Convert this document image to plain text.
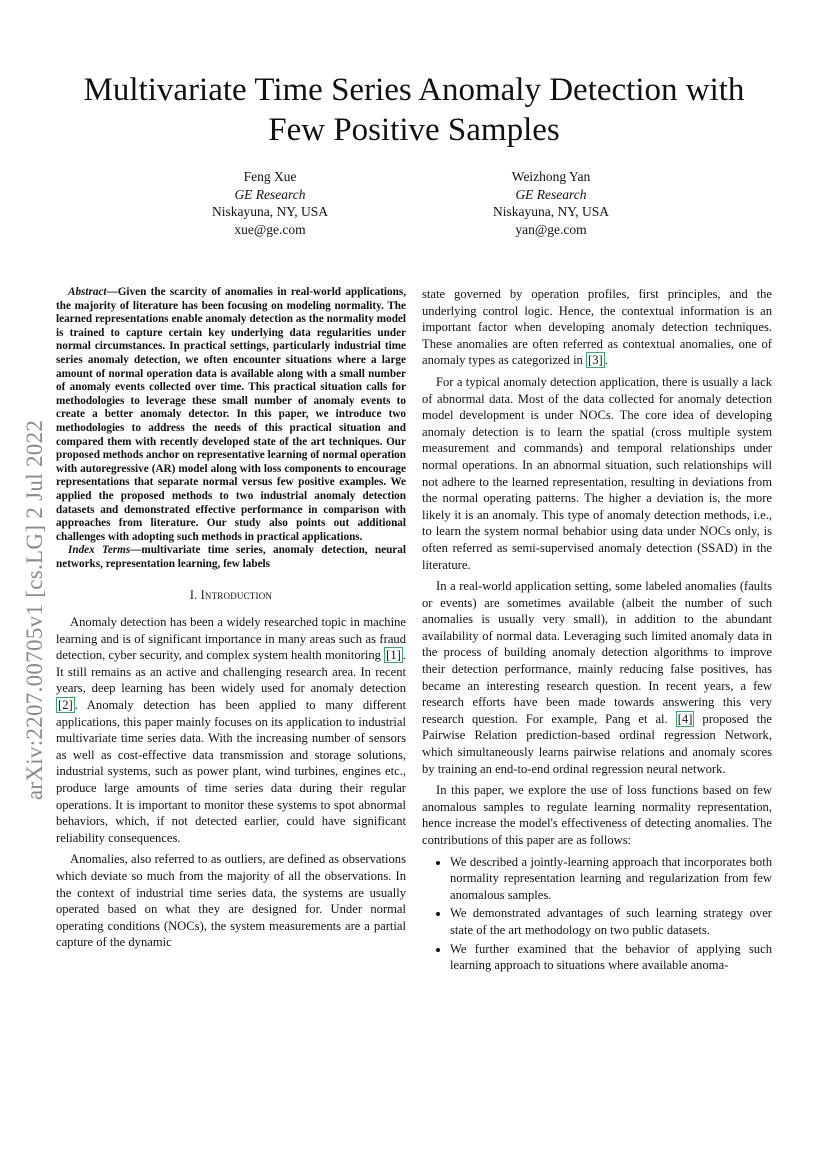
arXiv:2207.00705v1 [cs.LG] 2 Jul 2022
Multivariate Time Series Anomaly Detection with Few Positive Samples
Feng Xue
GE Research
Niskayuna, NY, USA
xue@ge.com
Weizhong Yan
GE Research
Niskayuna, NY, USA
yan@ge.com

Abstract—Given the scarcity of anomalies in real-world applications, the majority of literature has been focusing on modeling normality. The learned representations enable anomaly detection as the normality model is trained to capture certain key underlying data regularities under normal circumstances. In practical settings, particularly industrial time series anomaly detection, we often encounter situations where a large amount of normal operation data is available along with a small number of anomaly events collected over time. This practical situation calls for methodologies to leverage these small number of anomaly events to create a better anomaly detector. In this paper, we introduce two methodologies to address the needs of this practical situation and compared them with recently developed state of the art techniques. Our proposed methods anchor on representative learning of normal operation with autoregressive (AR) model along with loss components to encourage representations that separate normal versus few positive examples. We applied the proposed methods to two industrial anomaly detection datasets and demonstrated effective performance in comparison with approaches from literature. Our study also points out additional challenges with adopting such methods in practical applications.

Index Terms—multivariate time series, anomaly detection, neural networks, representation learning, few labels

I. Introduction

Anomaly detection has been a widely researched topic in machine learning and is of significant importance in many areas such as fraud detection, cyber security, and complex system health monitoring [1] . It still remains as an active and challenging research area. In recent years, deep learning has been widely used for anomaly detection [2] . Anomaly detection has been applied to many different applications, this paper mainly focuses on its application to industrial multivariate time series data. With the increasing number of sensors as well as cost-effective data transmission and storage solutions, industrial systems, such as power plant, wind turbines, engines etc., produce large amounts of time series data during their regular operations. It is important to monitor these systems to spot abnormal behaviors, which, if not detected earlier, could have significant reliability consequences.

Anomalies, also referred to as outliers, are defined as observations which deviate so much from the majority of all the observations. In the context of industrial time series data, the systems are usually operated based on what they are designed for. Under normal operating conditions (NOCs), the system measurements are a partial capture of the dynamic

state governed by operation profiles, first principles, and the underlying control logic. Hence, the contextual information is an important factor when developing anomaly detection techniques. These anomalies are often referred as contextual anomalies, one of anomaly types as categorized in [3] .

For a typical anomaly detection application, there is usually a lack of abnormal data. Most of the data collected for anomaly detection model development is under NOCs. The core idea of developing anomaly detection is to learn the spatial (cross multiple system measurement and commands) and temporal relationships under normal operations. In an abnormal situation, such relationships will not adhere to the learned representation, resulting in deviations from the normal operating patterns. The higher a deviation is, the more likely it is an anomaly. This type of anomaly detection methods, i.e., to learn the system normal behabior using data under NOCs only, is often referred as semi-supervised anomaly detection (SSAD) in the literature.

In a real-world application setting, some labeled anomalies (faults or events) are sometimes available (albeit the number of such anomalies is usually very small), in addition to the abundant availability of normal data. Leveraging such limited anomaly data in the process of building anomaly detection algorithms to improve their detection performance, mainly reducing false positives, has became an interesting research question. In recent years, a few research efforts have been made towards answering this very research question. For example, Pang et al. [4] proposed the Pairwise Relation prediction-based ordinal regression Network, which simultaneously learns pairwise relations and anomaly scores by training an end-to-end ordinal regression neural network.

In this paper, we explore the use of loss functions based on few anomalous samples to regulate learning normality representation, hence increase the model's effectiveness of detecting anomalies. The contributions of this paper are as follows:

• We described a jointly-learning approach that incorporates both normality representation learning and regularization from few anomalous samples.
• We demonstrated advantages of such learning strategy over state of the art methodology on two public datasets.
• We further examined that the behavior of applying such learning approach to situations where available anoma-
